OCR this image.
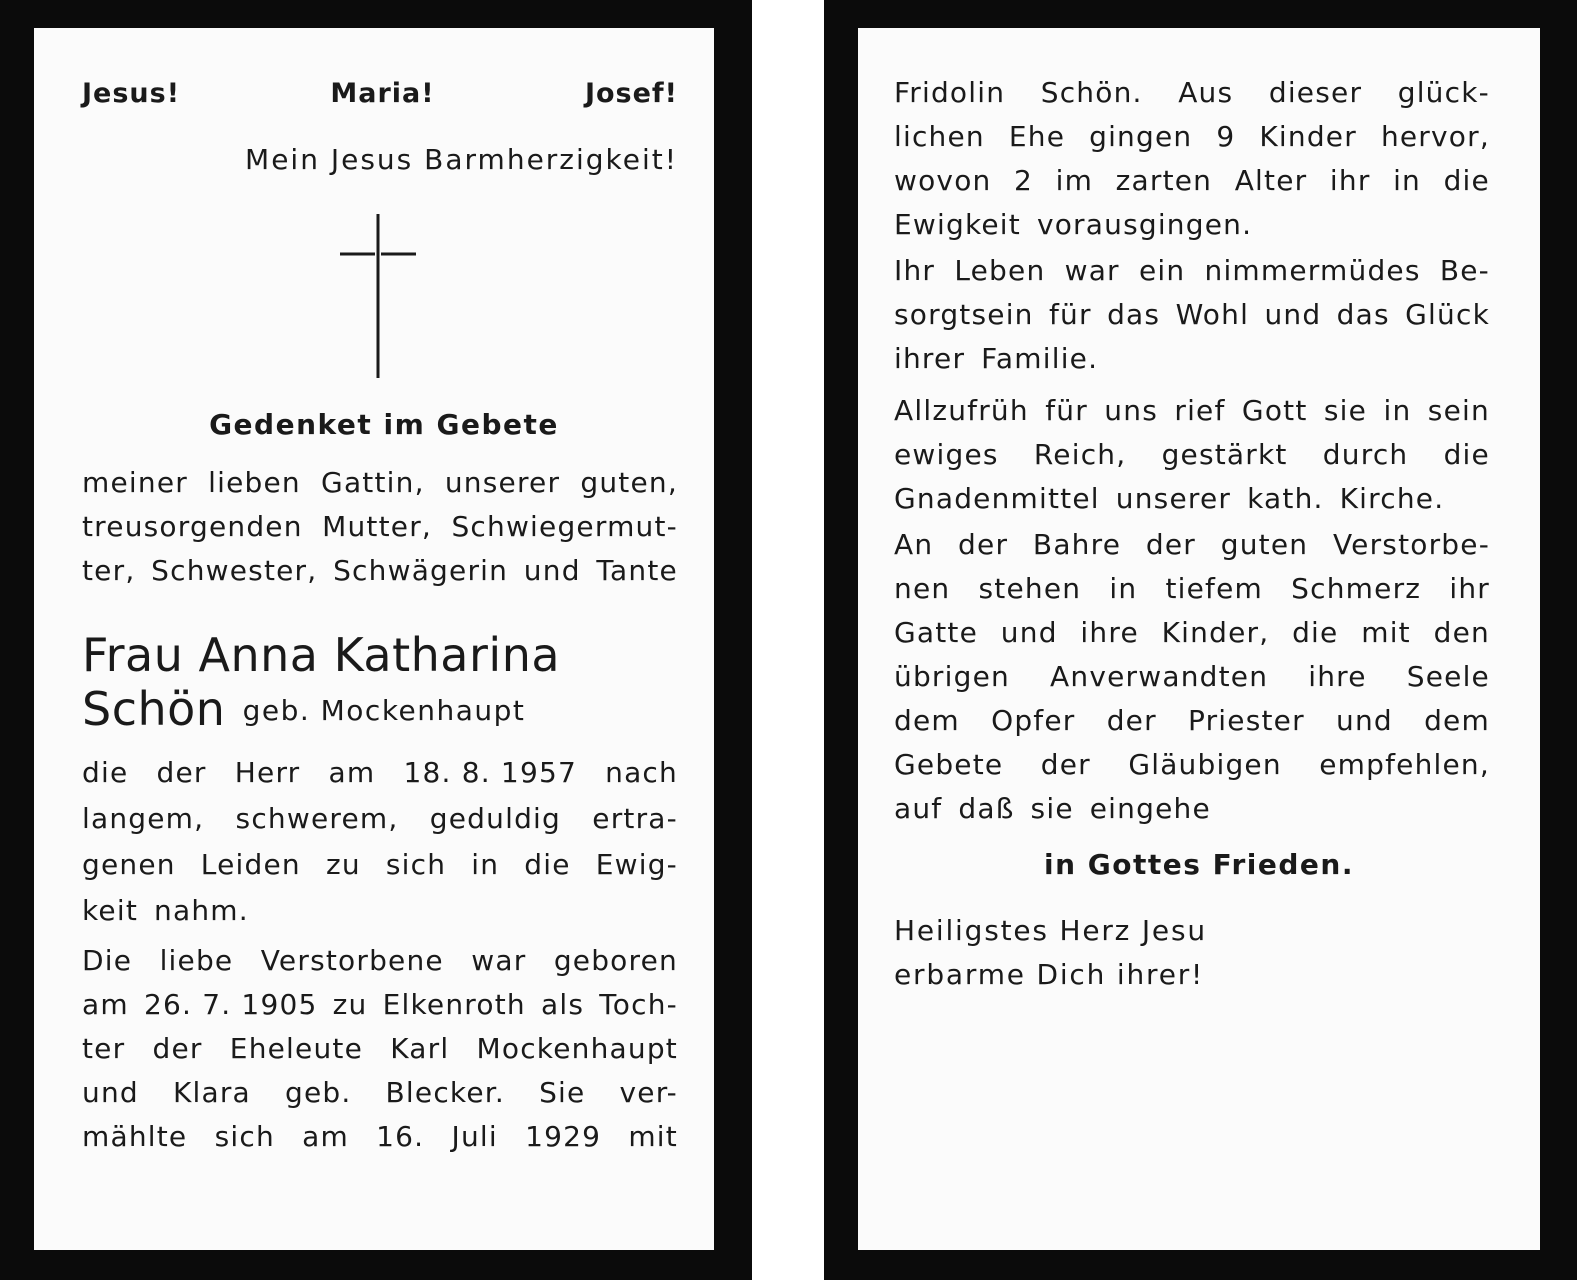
Jesus!	Maria!	Josef!
Mein Jesus Barmherzigkeit!
Gedenket im Gebete
meiner lieben Gattin, unserer guten,
treusorgenden Mutter, Schwiegermut-
ter, Schwester, Schwägerin und Tante
Frau Anna Katharina Schön geb. Mockenhaupt
die der Herr am 18. 8. 1957 nach
langem, schwerem, geduldig ertra-
genen Leiden zu sich in die Ewig-
keit nahm.
Die liebe Verstorbene war geboren
am 26. 7. 1905 zu Elkenroth als Toch-
ter der Eheleute Karl Mockenhaupt
und Klara geb. Blecker. Sie ver-
mählte sich am 16. Juli 1929 mit
Fridolin Schön. Aus dieser glück-
lichen Ehe gingen 9 Kinder hervor,
wovon 2 im zarten Alter ihr in die
Ewigkeit vorausgingen.
Ihr Leben war ein nimmermüdes Be-
sorgtsein für das Wohl und das Glück
ihrer Familie.
Allzufrüh für uns rief Gott sie in sein
ewiges Reich, gestärkt durch die
Gnadenmittel unserer kath. Kirche.
An der Bahre der guten Verstorbe-
nen stehen in tiefem Schmerz ihr
Gatte und ihre Kinder, die mit den
übrigen Anverwandten ihre Seele
dem Opfer der Priester und dem
Gebete der Gläubigen empfehlen,
auf daß sie eingehe
in Gottes Frieden.
Heiligstes Herz Jesu
erbarme Dich ihrer!
